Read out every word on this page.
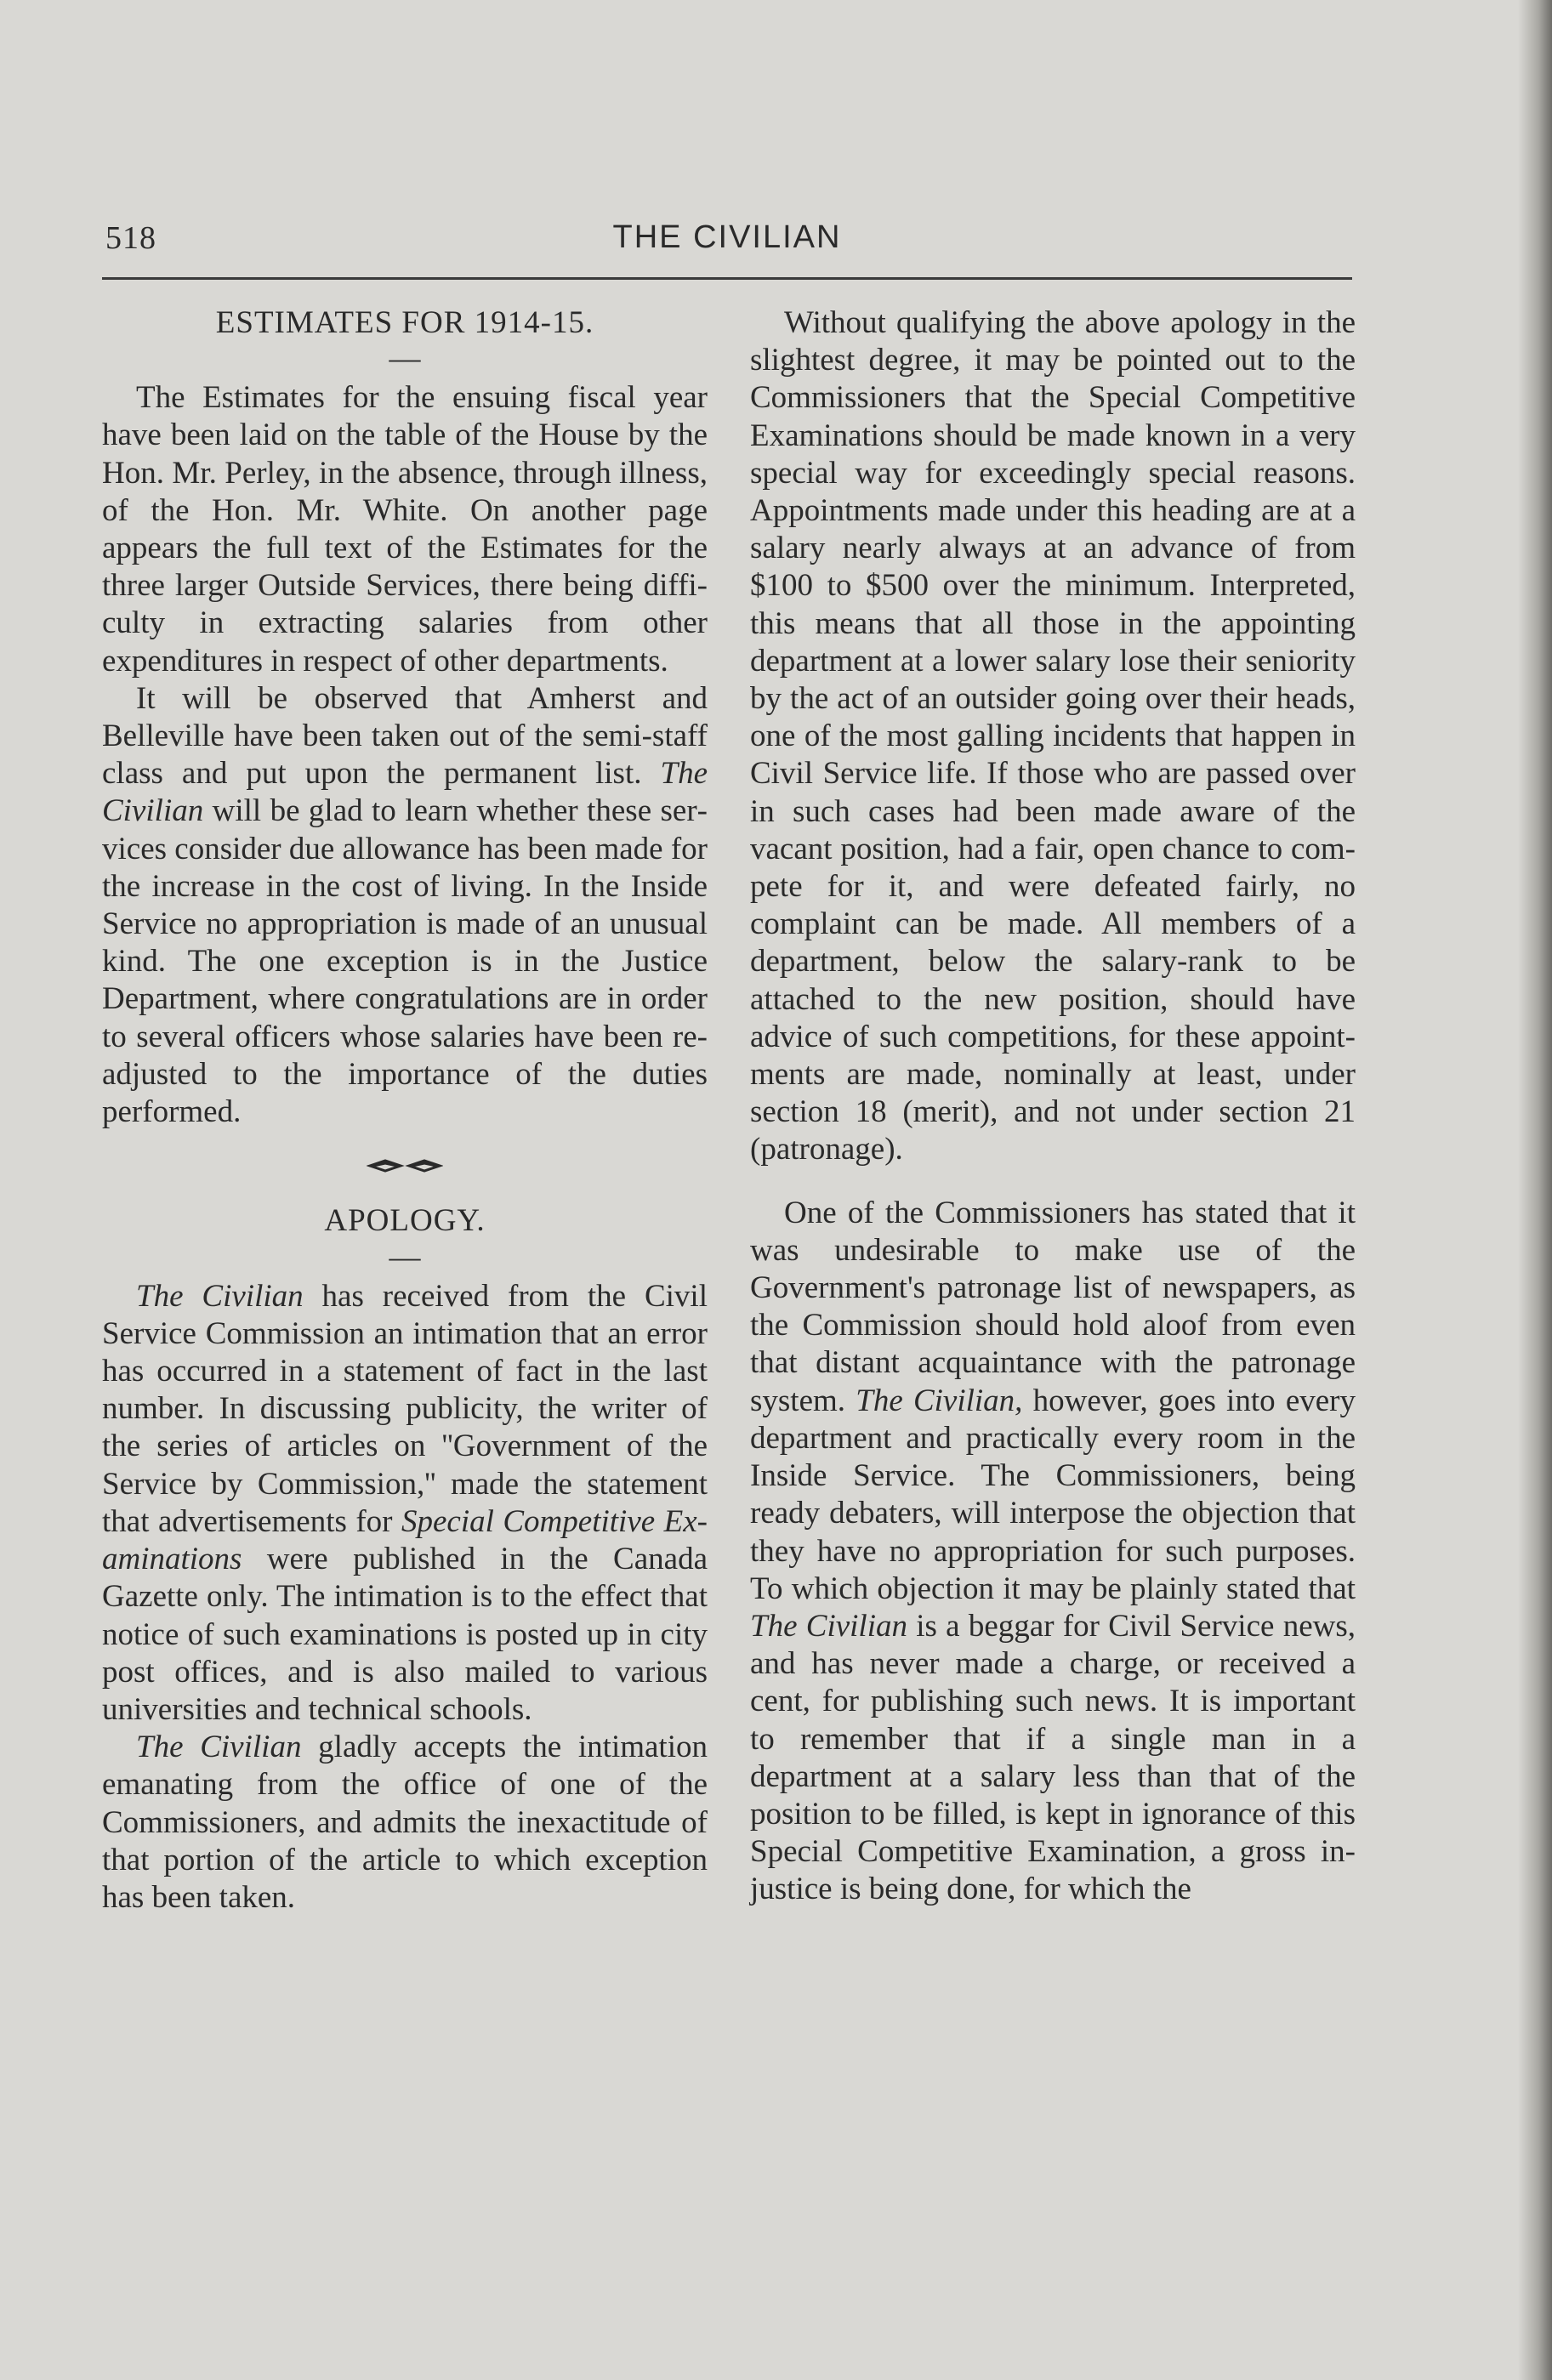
518	THE CIVILIAN
ESTIMATES FOR 1914-15.
—

The Estimates for the ensuing fiscal year have been laid on the table of the House by the Hon. Mr. Perley, in the absence, through illness, of the Hon. Mr. White. On another page appears the full text of the Estimates for the three larger Outside Services, there being difficulty in extracting salaries from other expenditures in respect of other departments.

It will be observed that Amherst and Belleville have been taken out of the semi-staff class and put upon the permanent list. The Civilian will be glad to learn whether these services consider due allowance has been made for the increase in the cost of living. In the Inside Service no appropriation is made of an unusual kind. The one exception is in the Justice Department, where congratulations are in order to several officers whose salaries have been readjusted to the importance of the duties performed.

APOLOGY.
—

The Civilian has received from the Civil Service Commission an intimation that an error has occurred in a statement of fact in the last number. In discussing publicity, the writer of the series of articles on ''Government of the Service by Commission,'' made the statement that advertisements for Special Competitive Examinations were published in the Canada Gazette only. The intimation is to the effect that notice of such examinations is posted up in city post offices, and is also mailed to various universities and technical schools.

The Civilian gladly accepts the intimation emanating from the office of one of the Commissioners, and admits the inexactitude of that portion of the article to which exception has been taken.

Without qualifying the above apology in the slightest degree, it may be pointed out to the Commissioners that the Special Competitive Examinations should be made known in a very special way for exceedingly special reasons. Appointments made under this heading are at a salary nearly always at an advance of from $100 to $500 over the minimum. Interpreted, this means that all those in the appointing department at a lower salary lose their seniority by the act of an outsider going over their heads, one of the most galling incidents that happen in Civil Service life. If those who are passed over in such cases had been made aware of the vacant position, had a fair, open chance to compete for it, and were defeated fairly, no complaint can be made. All members of a department, below the salary-rank to be attached to the new position, should have advice of such competitions, for these appointments are made, nominally at least, under section 18 (merit), and not under section 21 (patronage).

One of the Commissioners has stated that it was undesirable to make use of the Government's patronage list of newspapers, as the Commission should hold aloof from even that distant acquaintance with the patronage system. The Civilian, however, goes into every department and practically every room in the Inside Service. The Commissioners, being ready debaters, will interpose the objection that they have no appropriation for such purposes. To which objection it may be plainly stated that The Civilian is a beggar for Civil Service news, and has never made a charge, or received a cent, for publishing such news. It is important to remember that if a single man in a department at a salary less than that of the position to be filled, is kept in ignorance of this Special Competitive Examination, a gross injustice is being done, for which the
